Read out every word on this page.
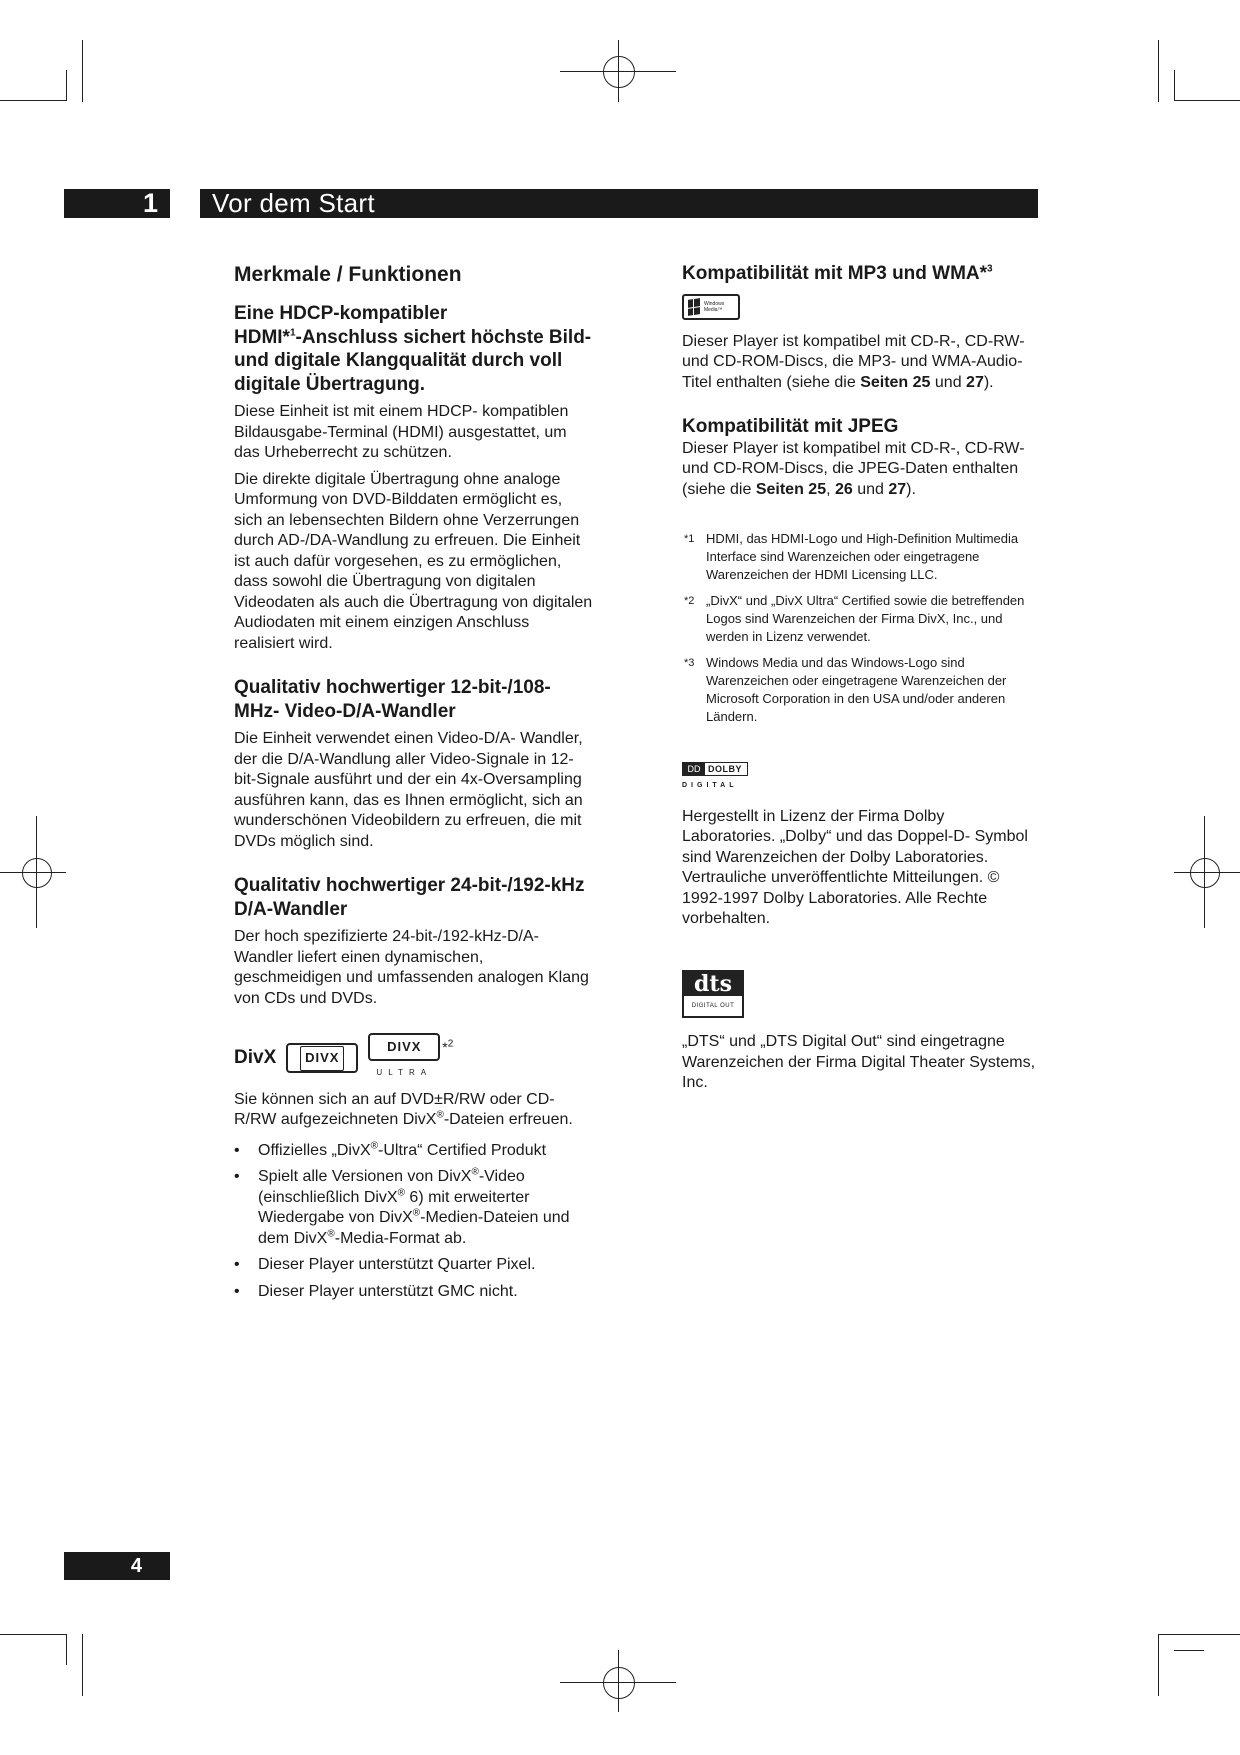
1	Vor dem Start
Merkmale / Funktionen
Eine HDCP-kompatibler
HDMI*$^1$-Anschluss sichert höchste Bild- und digitale Klangqualität durch voll digitale Übertragung.

Diese Einheit ist mit einem HDCP- kompatiblen Bildausgabe-Terminal (HDMI) ausgestattet, um das Urheberrecht zu schützen.

Die direkte digitale Übertragung ohne analoge Umformung von DVD-Bilddaten ermöglicht es, sich an lebensechten Bildern ohne Verzerrungen durch AD-/DA-Wandlung zu erfreuen. Die Einheit ist auch dafür vorgesehen, es zu ermöglichen, dass sowohl die Übertragung von digitalen Videodaten als auch die Übertragung von digitalen Audiodaten mit einem einzigen Anschluss realisiert wird.

Qualitativ hochwertiger 12-bit-/108-MHz- Video-D/A-Wandler

Die Einheit verwendet einen Video-D/A- Wandler, der die D/A-Wandlung aller Video-Signale in 12-bit-Signale ausführt und der ein 4x-Oversampling ausführen kann, das es Ihnen ermöglicht, sich an wunderschönen Videobildern zu erfreuen, die mit DVDs möglich sind.

Qualitativ hochwertiger 24-bit-/192-kHz D/A-Wandler

Der hoch spezifizierte 24-bit-/192-kHz-D/A-Wandler liefert einen dynamischen, geschmeidigen und umfassenden analogen Klang von CDs und DVDs.

DivX	DIVX
DIVX
ULTRA
*$^2$

Sie können sich an auf DVD±R/RW oder CD-R/RW aufgezeichneten DivX®-Dateien erfreuen.

• Offizielles „DivX®-Ultra“ Certified Produkt
• Spielt alle Versionen von DivX®-Video (einschließlich DivX® 6) mit erweiterter Wiedergabe von DivX®-Medien-Dateien und dem DivX®-Media-Format ab.
• Dieser Player unterstützt Quarter Pixel.
• Dieser Player unterstützt GMC nicht.
Kompatibilität mit MP3 und WMA*$^3$
Windows Media™

Dieser Player ist kompatibel mit CD-R-, CD-RW- und CD-ROM-Discs, die MP3- und WMA-Audio-Titel enthalten (siehe die Seiten 25 und 27).

Kompatibilität mit JPEG

Dieser Player ist kompatibel mit CD-R-, CD-RW- und CD-ROM-Discs, die JPEG-Daten enthalten (siehe die Seiten 25, 26 und 27).

*1 HDMI, das HDMI-Logo und High-Definition Multimedia Interface sind Warenzeichen oder eingetragene Warenzeichen der HDMI Licensing LLC.
*2 „DivX“ und „DivX Ultra“ Certified sowie die betreffenden Logos sind Warenzeichen der Firma DivX, Inc., und werden in Lizenz verwendet.
*3 Windows Media und das Windows-Logo sind Warenzeichen oder eingetragene Warenzeichen der Microsoft Corporation in den USA und/oder anderen Ländern.
DD DOLBY
DIGITAL

Hergestellt in Lizenz der Firma Dolby Laboratories. „Dolby“ und das Doppel-D- Symbol sind Warenzeichen der Dolby Laboratories. Vertrauliche unveröffentlichte Mitteilungen. © 1992-1997 Dolby Laboratories. Alle Rechte vorbehalten.

dts
DIGITAL OUT

„DTS“ und „DTS Digital Out“ sind eingetragne Warenzeichen der Firma Digital Theater Systems, Inc.

4
